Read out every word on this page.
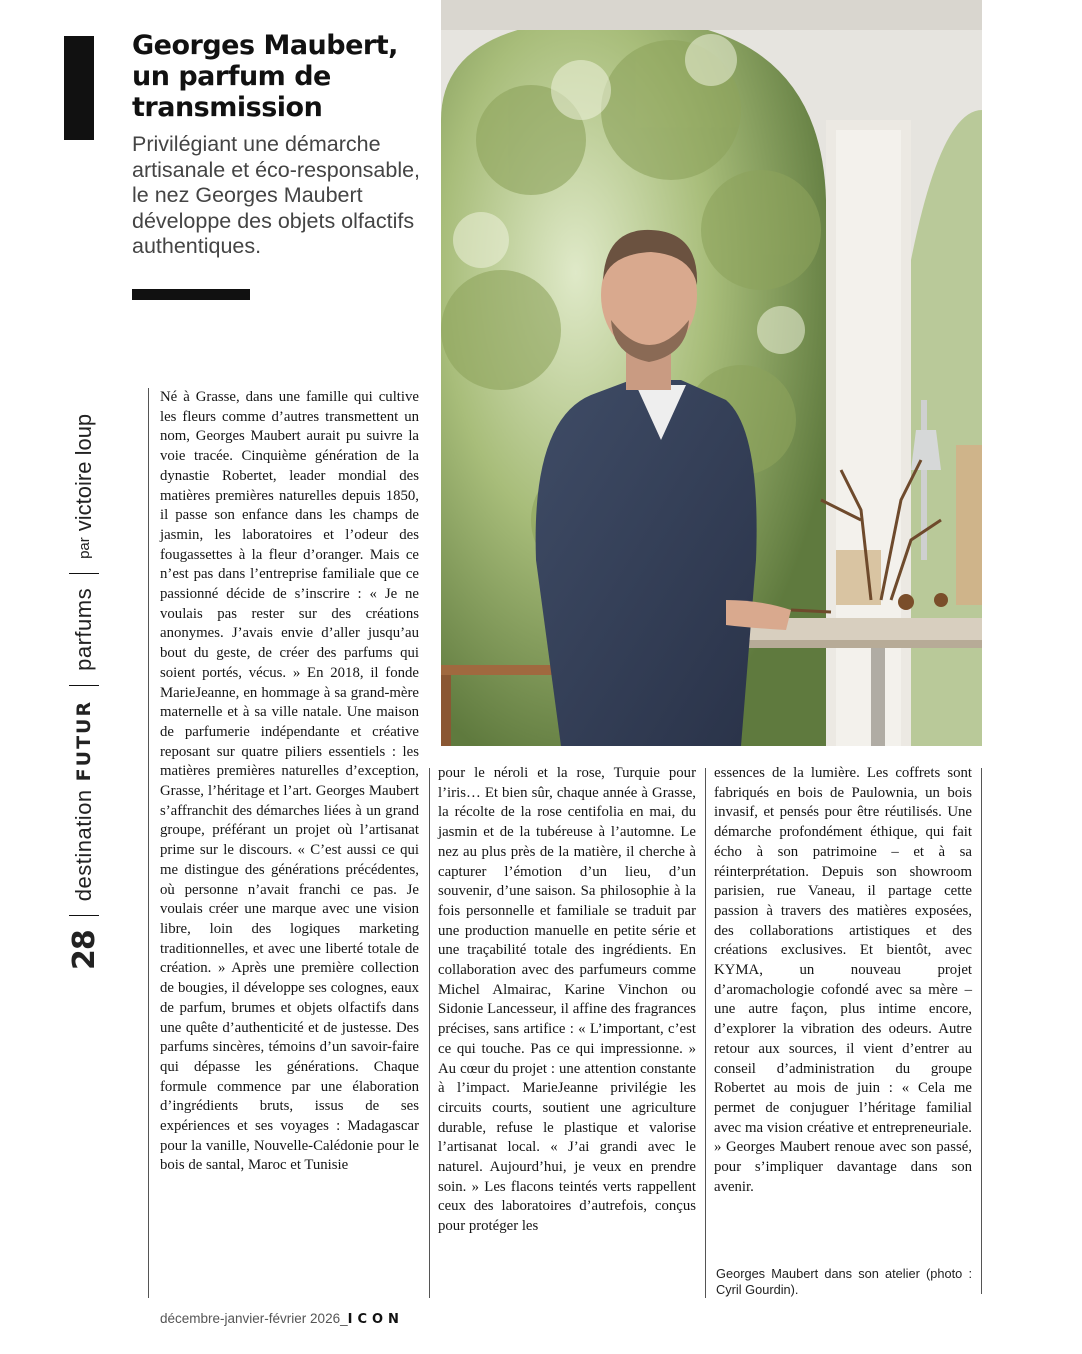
Georges Maubert, un parfum de transmission

Privilégiant une démarche artisanale et éco-responsable, le nez Georges Maubert développe des objets olfactifs authentiques.

28
destination
FUTUR
parfums
par
victoire loup

Né à Grasse, dans une famille qui cultive les fleurs comme d’autres transmettent un nom, Georges Maubert aurait pu suivre la voie tracée. Cinquième génération de la dynastie Robertet, leader mondial des matières premières naturelles depuis 1850, il passe son enfance dans les champs de jasmin, les laboratoires et l’odeur des fougassettes à la fleur d’oranger. Mais ce n’est pas dans l’entreprise familiale que ce passionné décide de s’inscrire : « Je ne voulais pas rester sur des créations anonymes. J’avais envie d’aller jusqu’au bout du geste, de créer des parfums qui soient portés, vécus. » En 2018, il fonde MarieJeanne, en hommage à sa grand-mère maternelle et à sa ville natale. Une maison de parfumerie indépendante et créative reposant sur quatre piliers essentiels : les matières premières naturelles d’exception, Grasse, l’héritage et l’art. Georges Maubert s’affranchit des démarches liées à un grand groupe, préférant un projet où l’artisanat prime sur le discours. « C’est aussi ce qui me distingue des générations précédentes, où personne n’avait franchi ce pas. Je voulais créer une marque avec une vision libre, loin des logiques marketing traditionnelles, et avec une liberté totale de création. » Après une première collection de bougies, il développe ses colognes, eaux de parfum, brumes et objets olfactifs dans une quête d’authenticité et de justesse. Des parfums sincères, témoins d’un savoir-faire qui dépasse les générations. Chaque formule commence par une élaboration d’ingrédients bruts, issus de ses expériences et ses voyages : Madagascar pour la vanille, Nouvelle-Calédonie pour le bois de santal, Maroc et Tunisie

pour le néroli et la rose, Turquie pour l’iris… Et bien sûr, chaque année à Grasse, la récolte de la rose centifolia en mai, du jasmin et de la tubéreuse à l’automne. Le nez au plus près de la matière, il cherche à capturer l’émotion d’un lieu, d’un souvenir, d’une saison. Sa philosophie à la fois personnelle et familiale se traduit par une production manuelle en petite série et une traçabilité totale des ingrédients. En collaboration avec des parfumeurs comme Michel Almairac, Karine Vinchon ou Sidonie Lancesseur, il affine des fragrances précises, sans artifice : « L’important, c’est ce qui touche. Pas ce qui impressionne. » Au cœur du projet : une attention constante à l’impact. MarieJeanne privilégie les circuits courts, soutient une agriculture durable, refuse le plastique et valorise l’artisanat local. « J’ai grandi avec le naturel. Aujourd’hui, je veux en prendre soin. » Les flacons teintés verts rappellent ceux des laboratoires d’autrefois, conçus pour protéger les

essences de la lumière. Les coffrets sont fabriqués en bois de Paulownia, un bois invasif, et pensés pour être réutilisés. Une démarche profondément éthique, qui fait écho à son patrimoine – et à sa réinterprétation. Depuis son showroom parisien, rue Vaneau, il partage cette passion à travers des matières exposées, des collaborations artistiques et des créations exclusives. Et bientôt, avec KYMA, un nouveau projet d’aromachologie cofondé avec sa mère – une autre façon, plus intime encore, d’explorer la vibration des odeurs. Autre retour aux sources, il vient d’entrer au conseil d’administration du groupe Robertet au mois de juin : « Cela me permet de conjuguer l’héritage familial avec ma vision créative et entrepreneuriale. » Georges Maubert renoue avec son passé, pour s’impliquer davantage dans son avenir.

Georges Maubert dans son atelier (photo : Cyril Gourdin).

décembre-janvier-février 2026_ICON
